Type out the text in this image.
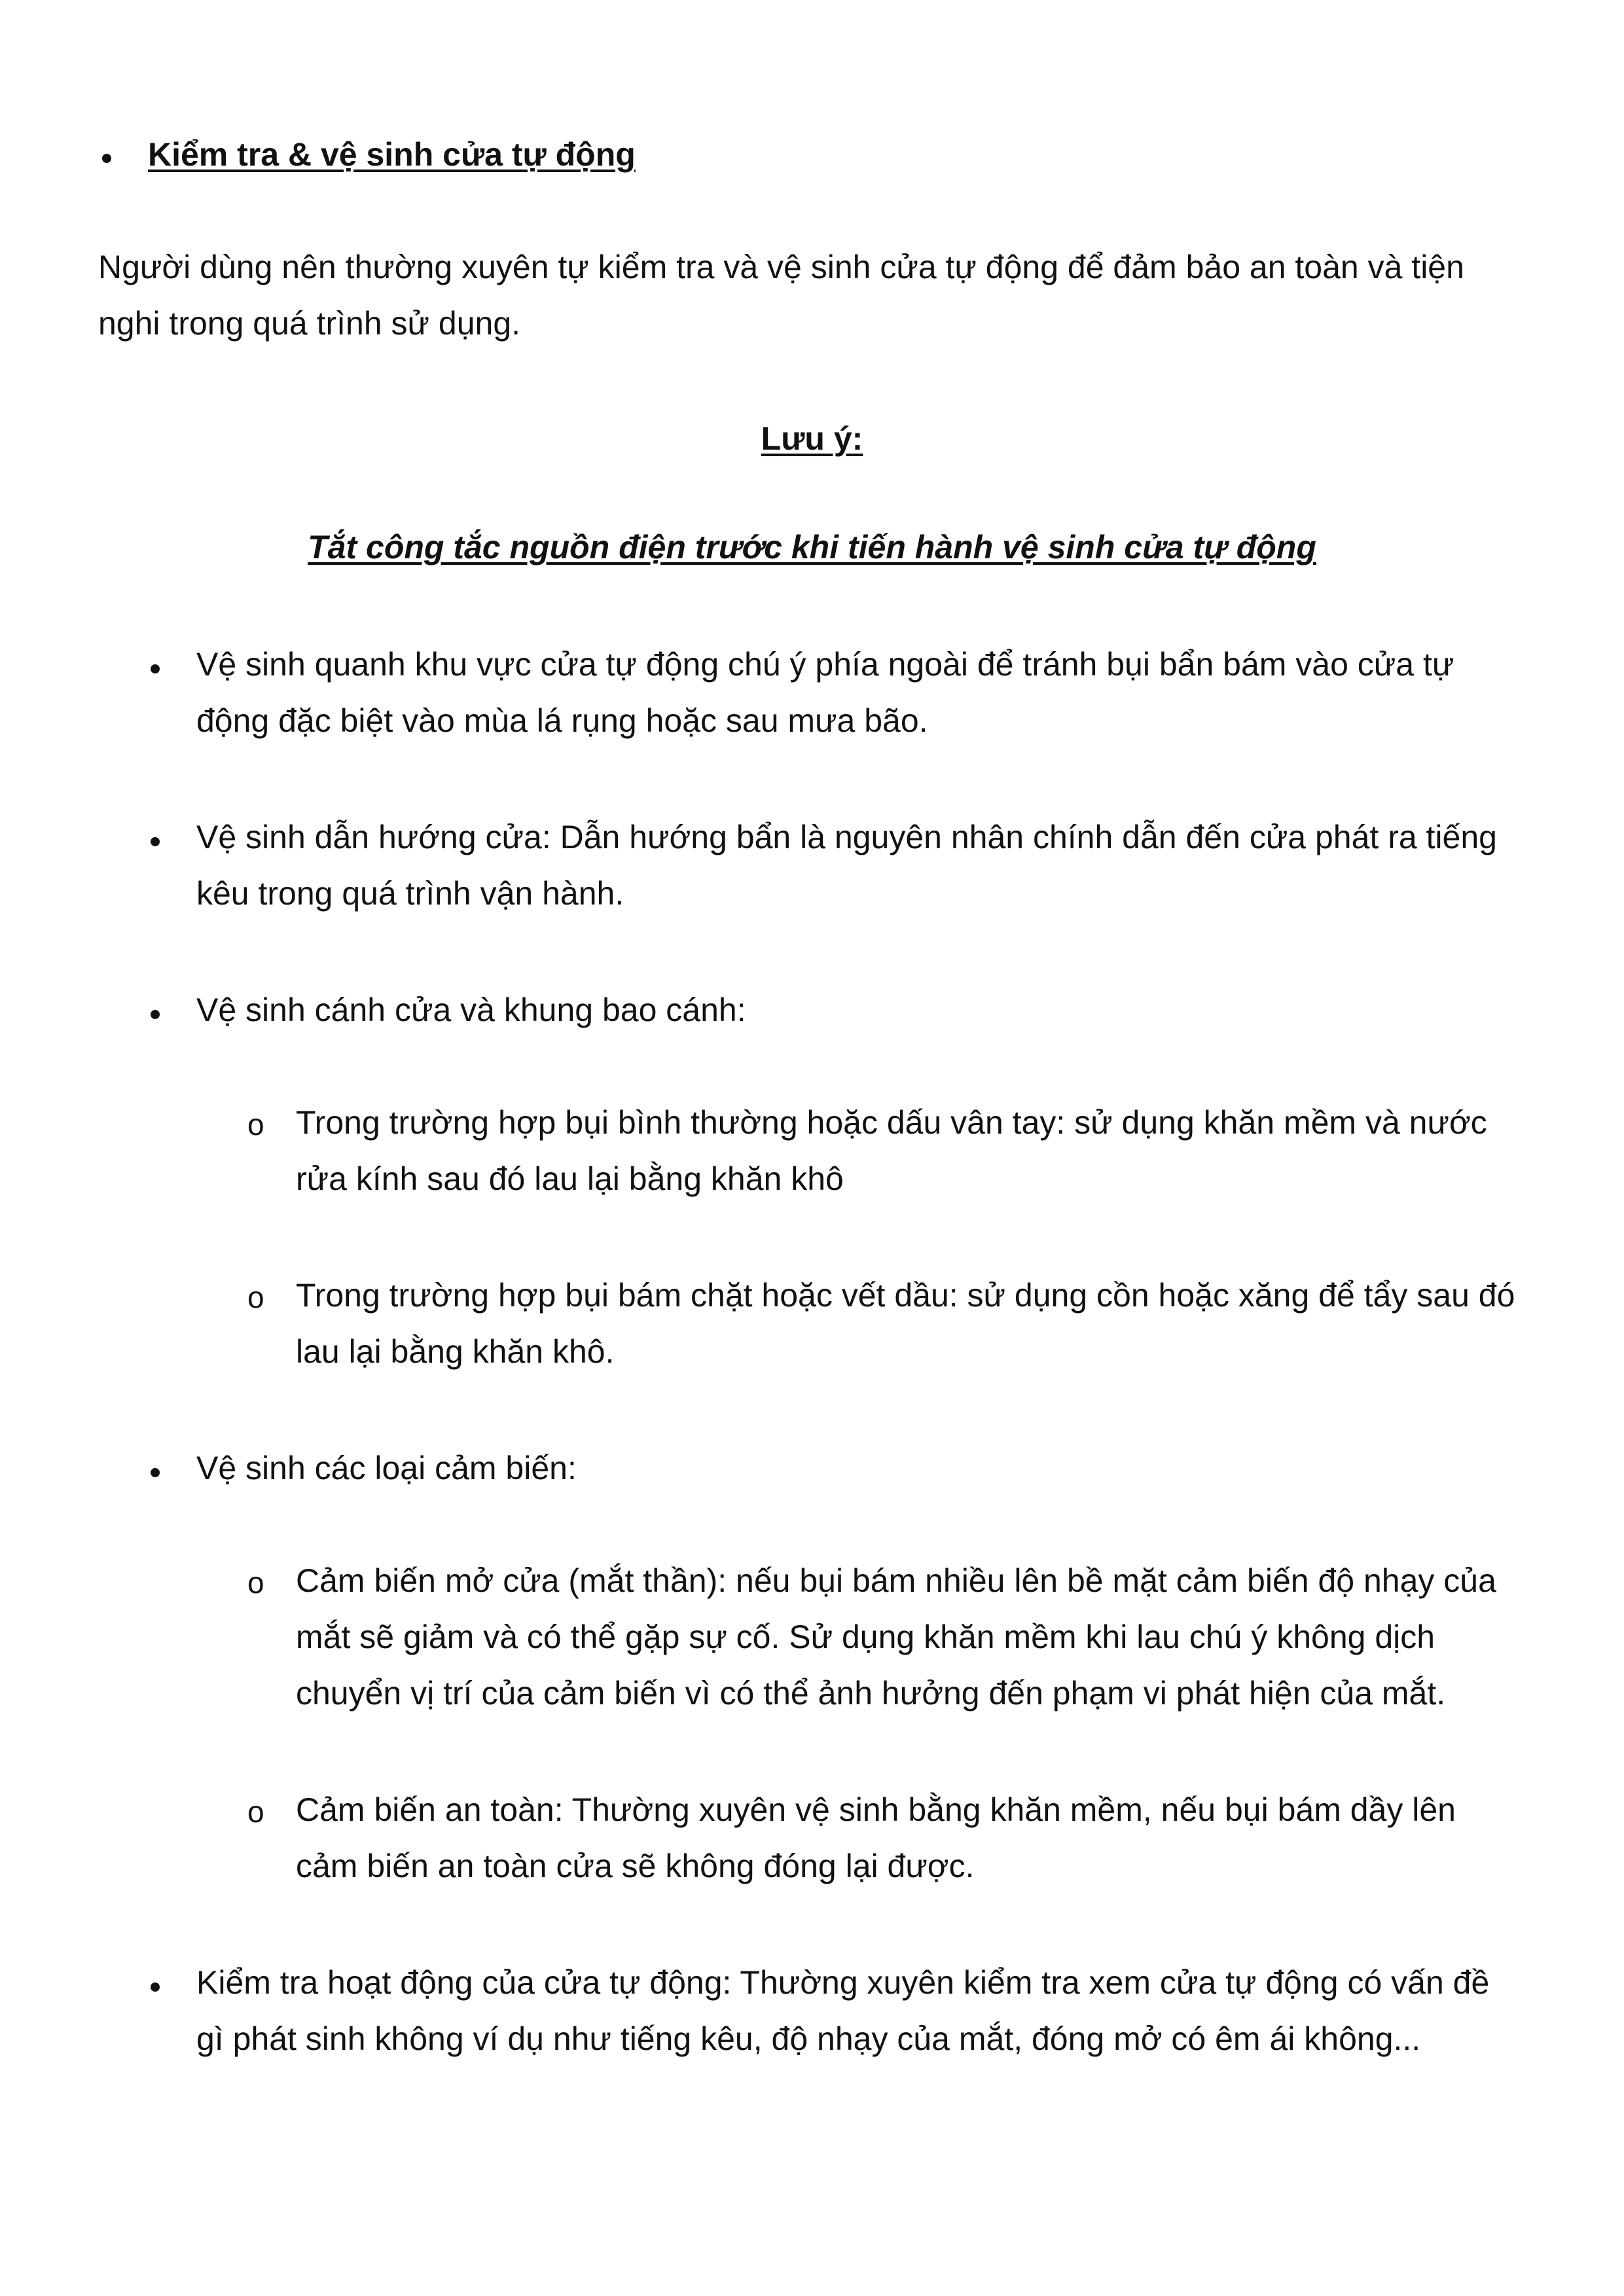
Kiểm tra & vệ sinh cửa tự động
Người dùng nên thường xuyên tự kiểm tra và vệ sinh cửa tự động để đảm bảo an toàn và tiện
nghi trong quá trình sử dụng.
Lưu ý:
Tắt công tắc nguồn điện trước khi tiến hành vệ sinh cửa tự động
Vệ sinh quanh khu vực cửa tự động chú ý phía ngoài để tránh bụi bẩn bám vào cửa tự
động đặc biệt vào mùa lá rụng hoặc sau mưa bão.
Vệ sinh dẫn hướng cửa: Dẫn hướng bẩn là nguyên nhân chính dẫn đến cửa phát ra tiếng
kêu trong quá trình vận hành.
Vệ sinh cánh cửa và khung bao cánh:
o Trong trường hợp bụi bình thường hoặc dấu vân tay: sử dụng khăn mềm và nước
rửa kính sau đó lau lại bằng khăn khô
o Trong trường hợp bụi bám chặt hoặc vết dầu: sử dụng cồn hoặc xăng để tẩy sau đó
lau lại bằng khăn khô.
Vệ sinh các loại cảm biến:
o Cảm biến mở cửa (mắt thần): nếu bụi bám nhiều lên bề mặt cảm biến độ nhạy của
mắt sẽ giảm và có thể gặp sự cố. Sử dụng khăn mềm khi lau chú ý không dịch
chuyển vị trí của cảm biến vì có thể ảnh hưởng đến phạm vi phát hiện của mắt.
o Cảm biến an toàn: Thường xuyên vệ sinh bằng khăn mềm, nếu bụi bám dầy lên
cảm biến an toàn cửa sẽ không đóng lại được.
Kiểm tra hoạt động của cửa tự động: Thường xuyên kiểm tra xem cửa tự động có vấn đề
gì phát sinh không ví dụ như tiếng kêu, độ nhạy của mắt, đóng mở có êm ái không...
